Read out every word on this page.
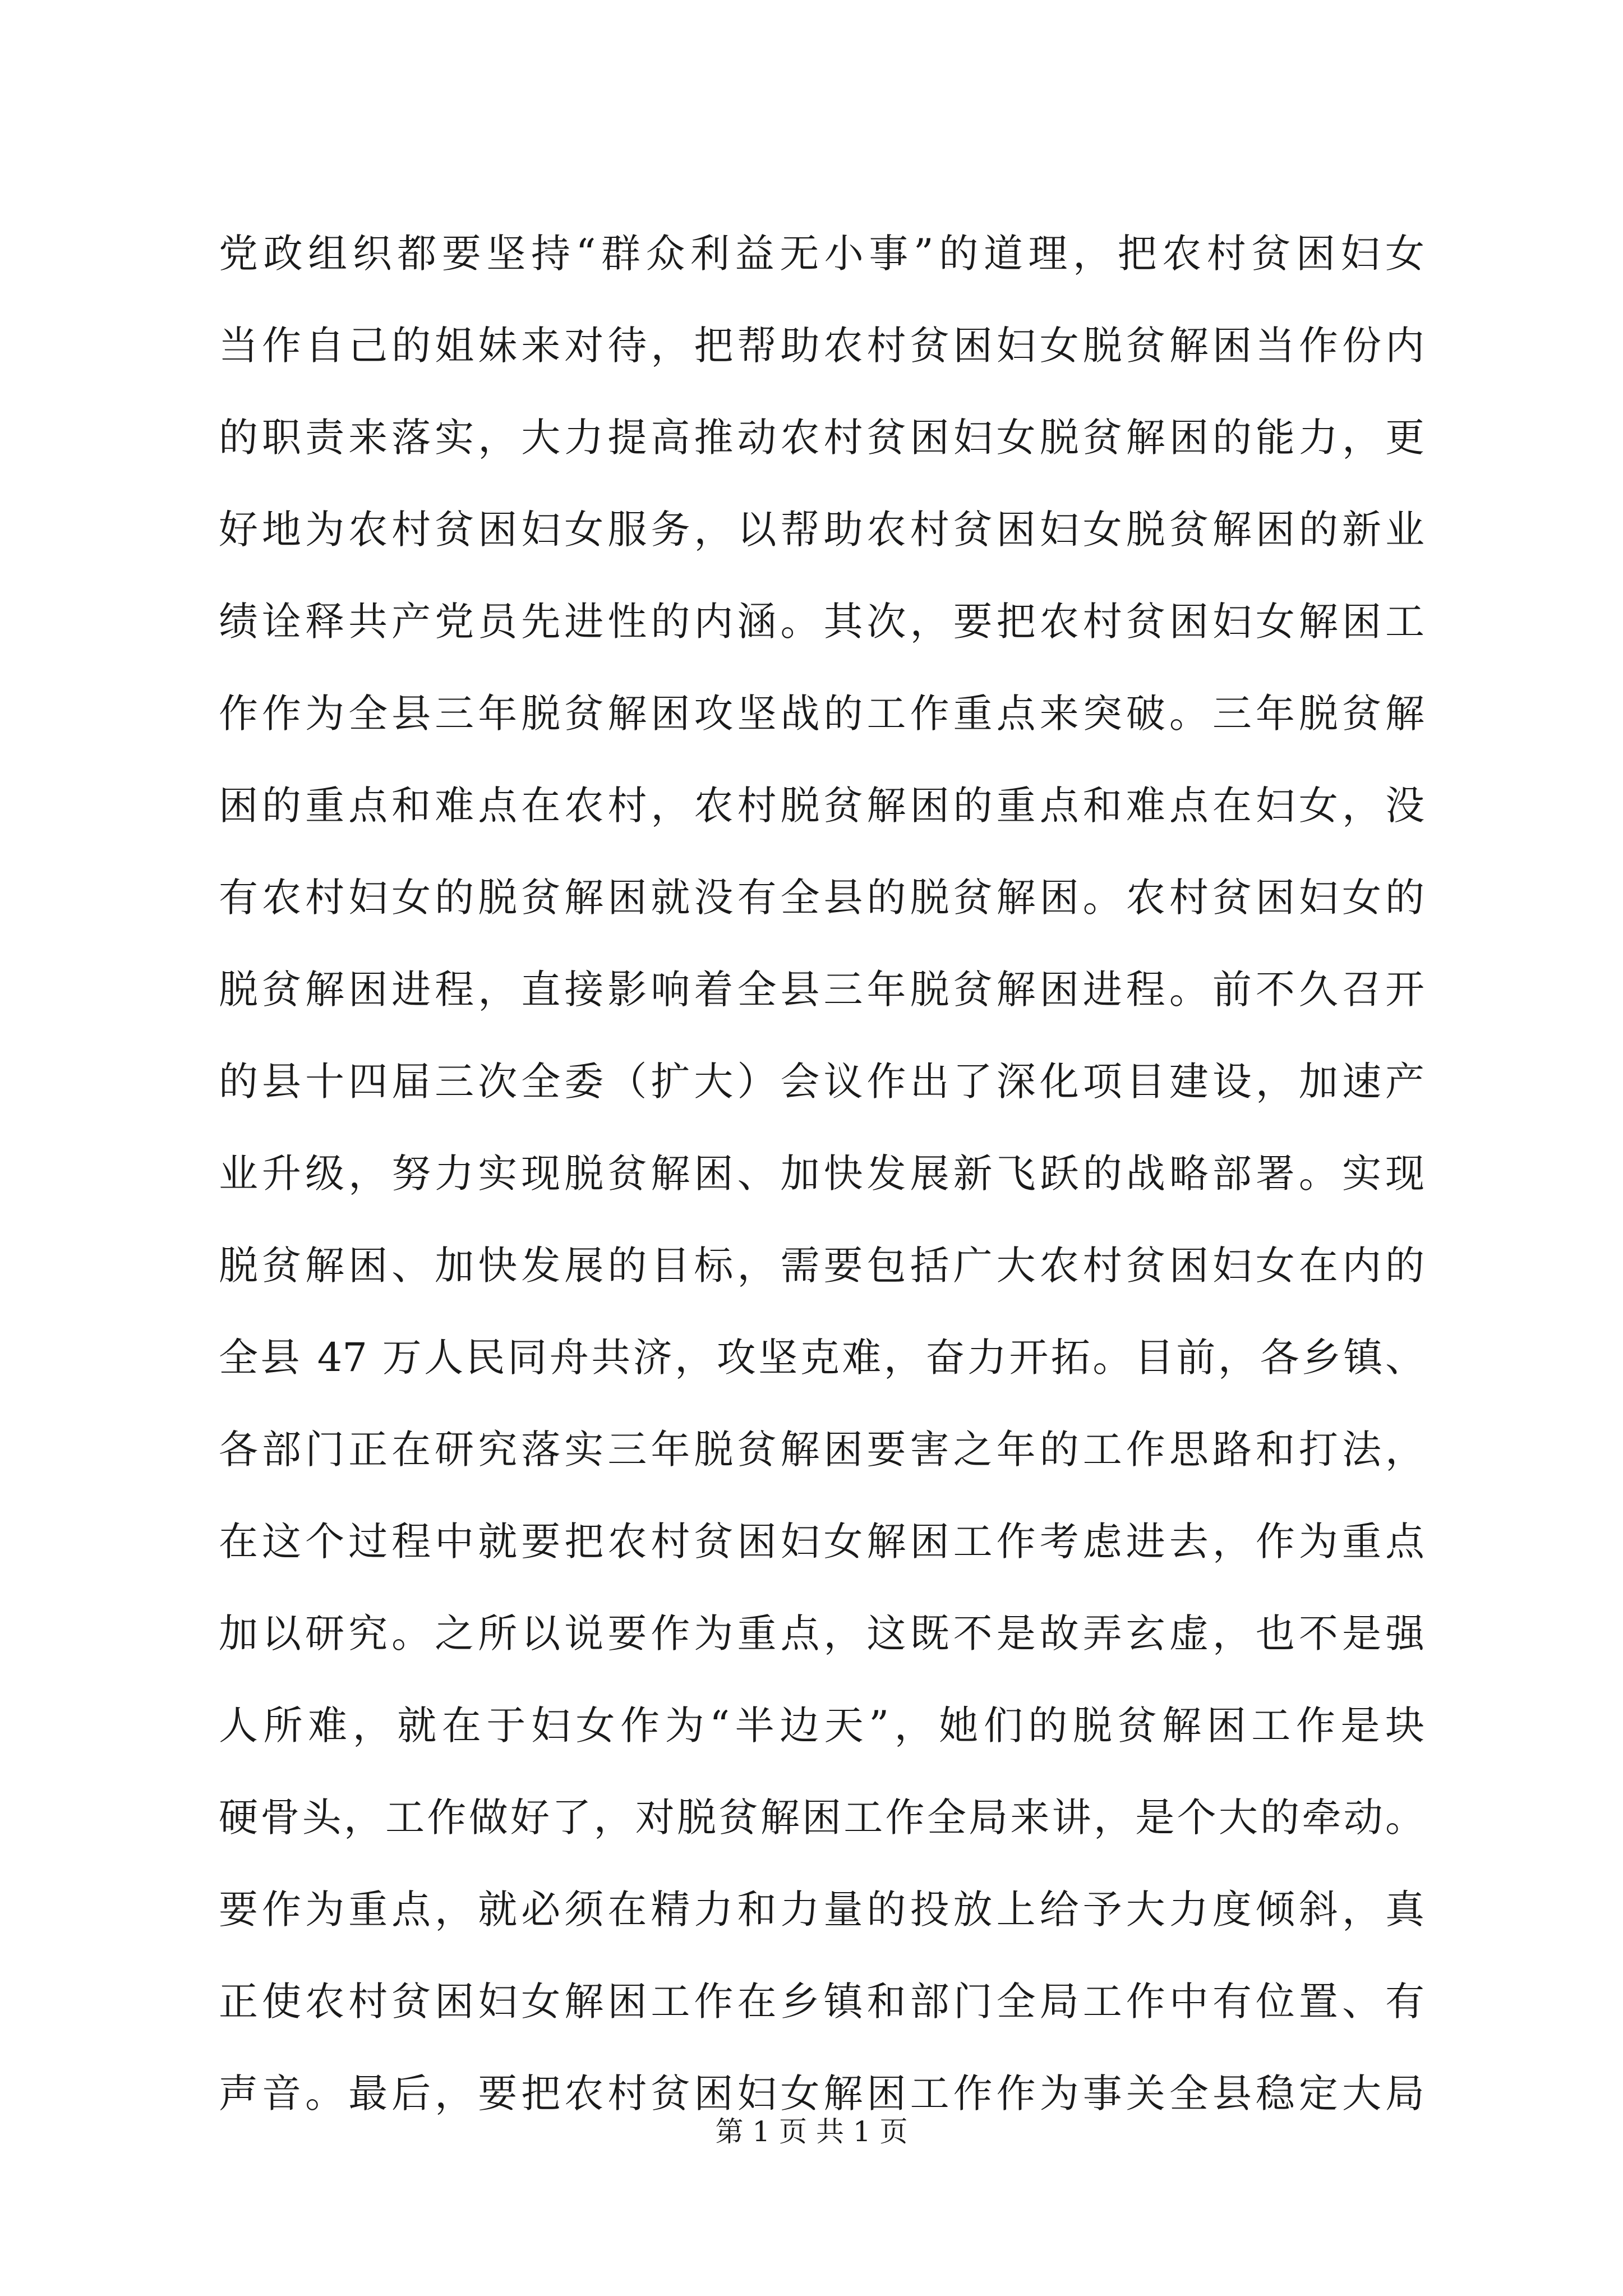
党政组织都要坚持“群众利益无小事”的道理，把农村贫困妇女
当作自己的姐妹来对待，把帮助农村贫困妇女脱贫解困当作份内
的职责来落实，大力提高推动农村贫困妇女脱贫解困的能力，更
好地为农村贫困妇女服务，以帮助农村贫困妇女脱贫解困的新业
绩诠释共产党员先进性的内涵。其次，要把农村贫困妇女解困工
作作为全县三年脱贫解困攻坚战的工作重点来突破。三年脱贫解
困的重点和难点在农村，农村脱贫解困的重点和难点在妇女，没
有农村妇女的脱贫解困就没有全县的脱贫解困。农村贫困妇女的
脱贫解困进程，直接影响着全县三年脱贫解困进程。前不久召开
的县十四届三次全委（扩大）会议作出了深化项目建设，加速产
业升级，努力实现脱贫解困、加快发展新飞跃的战略部署。实现
脱贫解困、加快发展的目标，需要包括广大农村贫困妇女在内的
全县 47 万人民同舟共济，攻坚克难，奋力开拓。目前，各乡镇、
各部门正在研究落实三年脱贫解困要害之年的工作思路和打法，
在这个过程中就要把农村贫困妇女解困工作考虑进去，作为重点
加以研究。之所以说要作为重点，这既不是故弄玄虚，也不是强
人所难，就在于妇女作为“半边天”，她们的脱贫解困工作是块
硬骨头，工作做好了，对脱贫解困工作全局来讲，是个大的牵动。
要作为重点，就必须在精力和力量的投放上给予大力度倾斜，真
正使农村贫困妇女解困工作在乡镇和部门全局工作中有位置、有
声音。最后，要把农村贫困妇女解困工作作为事关全县稳定大局
第 1 页 共 1 页
